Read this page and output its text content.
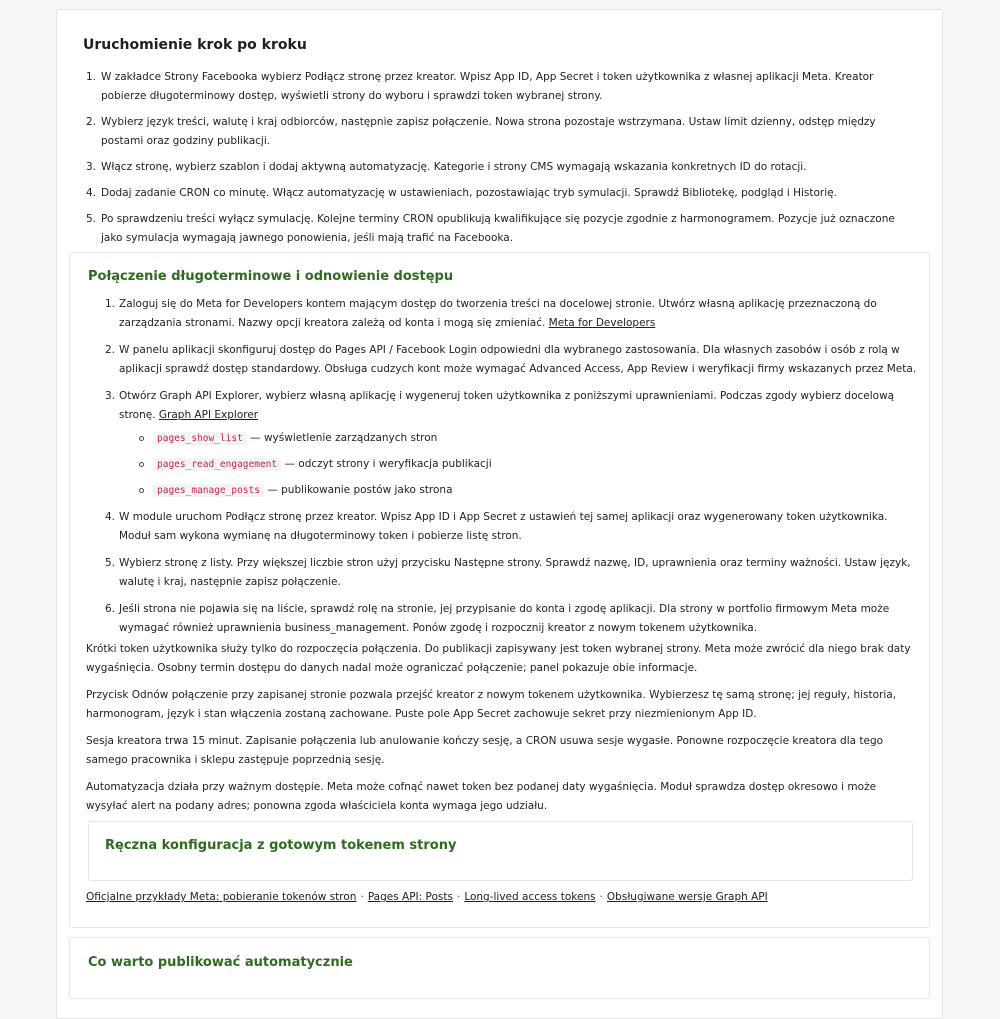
Uruchomienie krok po kroku
1. W zakładce Strony Facebooka wybierz Podłącz stronę przez kreator. Wpisz App ID, App Secret i token użytkownika z własnej aplikacji Meta. Kreator pobierze długoterminowy dostęp, wyświetli strony do wyboru i sprawdzi token wybranej strony.
2. Wybierz język treści, walutę i kraj odbiorców, następnie zapisz połączenie. Nowa strona pozostaje wstrzymana. Ustaw limit dzienny, odstęp między postami oraz godziny publikacji.
3. Włącz stronę, wybierz szablon i dodaj aktywną automatyzację. Kategorie i strony CMS wymagają wskazania konkretnych ID do rotacji.
4. Dodaj zadanie CRON co minutę. Włącz automatyzację w ustawieniach, pozostawiając tryb symulacji. Sprawdź Bibliotekę, podgląd i Historię.
5. Po sprawdzeniu treści wyłącz symulację. Kolejne terminy CRON opublikują kwalifikujące się pozycje zgodnie z harmonogramem. Pozycje już oznaczone jako symulacja wymagają jawnego ponowienia, jeśli mają trafić na Facebooka.
Połączenie długoterminowe i odnowienie dostępu
1. Zaloguj się do Meta for Developers kontem mającym dostęp do tworzenia treści na docelowej stronie. Utwórz własną aplikację przeznaczoną do zarządzania stronami. Nazwy opcji kreatora zależą od konta i mogą się zmieniać. Meta for Developers
2. W panelu aplikacji skonfiguruj dostęp do Pages API / Facebook Login odpowiedni dla wybranego zastosowania. Dla własnych zasobów i osób z rolą w aplikacji sprawdź dostęp standardowy. Obsługa cudzych kont może wymagać Advanced Access, App Review i weryfikacji firmy wskazanych przez Meta.
3. Otwórz Graph API Explorer, wybierz własną aplikację i wygeneruj token użytkownika z poniższymi uprawnieniami. Podczas zgody wybierz docelową stronę. Graph API Explorer
pages_show_list — wyświetlenie zarządzanych stron
pages_read_engagement — odczyt strony i weryfikacja publikacji
pages_manage_posts — publikowanie postów jako strona
4. W module uruchom Podłącz stronę przez kreator. Wpisz App ID i App Secret z ustawień tej samej aplikacji oraz wygenerowany token użytkownika. Moduł sam wykona wymianę na długoterminowy token i pobierze listę stron.
5. Wybierz stronę z listy. Przy większej liczbie stron użyj przycisku Następne strony. Sprawdź nazwę, ID, uprawnienia oraz terminy ważności. Ustaw język, walutę i kraj, następnie zapisz połączenie.
6. Jeśli strona nie pojawia się na liście, sprawdź rolę na stronie, jej przypisanie do konta i zgodę aplikacji. Dla strony w portfolio firmowym Meta może wymagać również uprawnienia business_management. Ponów zgodę i rozpocznij kreator z nowym tokenem użytkownika.

Krótki token użytkownika służy tylko do rozpoczęcia połączenia. Do publikacji zapisywany jest token wybranej strony. Meta może zwrócić dla niego brak daty wygaśnięcia. Osobny termin dostępu do danych nadal może ograniczać połączenie; panel pokazuje obie informacje.

Przycisk Odnów połączenie przy zapisanej stronie pozwala przejść kreator z nowym tokenem użytkownika. Wybierzesz tę samą stronę; jej reguły, historia, harmonogram, język i stan włączenia zostaną zachowane. Puste pole App Secret zachowuje sekret przy niezmienionym App ID.

Sesja kreatora trwa 15 minut. Zapisanie połączenia lub anulowanie kończy sesję, a CRON usuwa sesje wygasłe. Ponowne rozpoczęcie kreatora dla tego samego pracownika i sklepu zastępuje poprzednią sesję.

Automatyzacja działa przy ważnym dostępie. Meta może cofnąć nawet token bez podanej daty wygaśnięcia. Moduł sprawdza dostęp okresowo i może wysyłać alert na podany adres; ponowna zgoda właściciela konta wymaga jego udziału.

Ręczna konfiguracja z gotowym tokenem strony
Oficjalne przykłady Meta: pobieranie tokenów stron · Pages API: Posts · Long-lived access tokens · Obsługiwane wersje Graph API
Co warto publikować automatycznie
